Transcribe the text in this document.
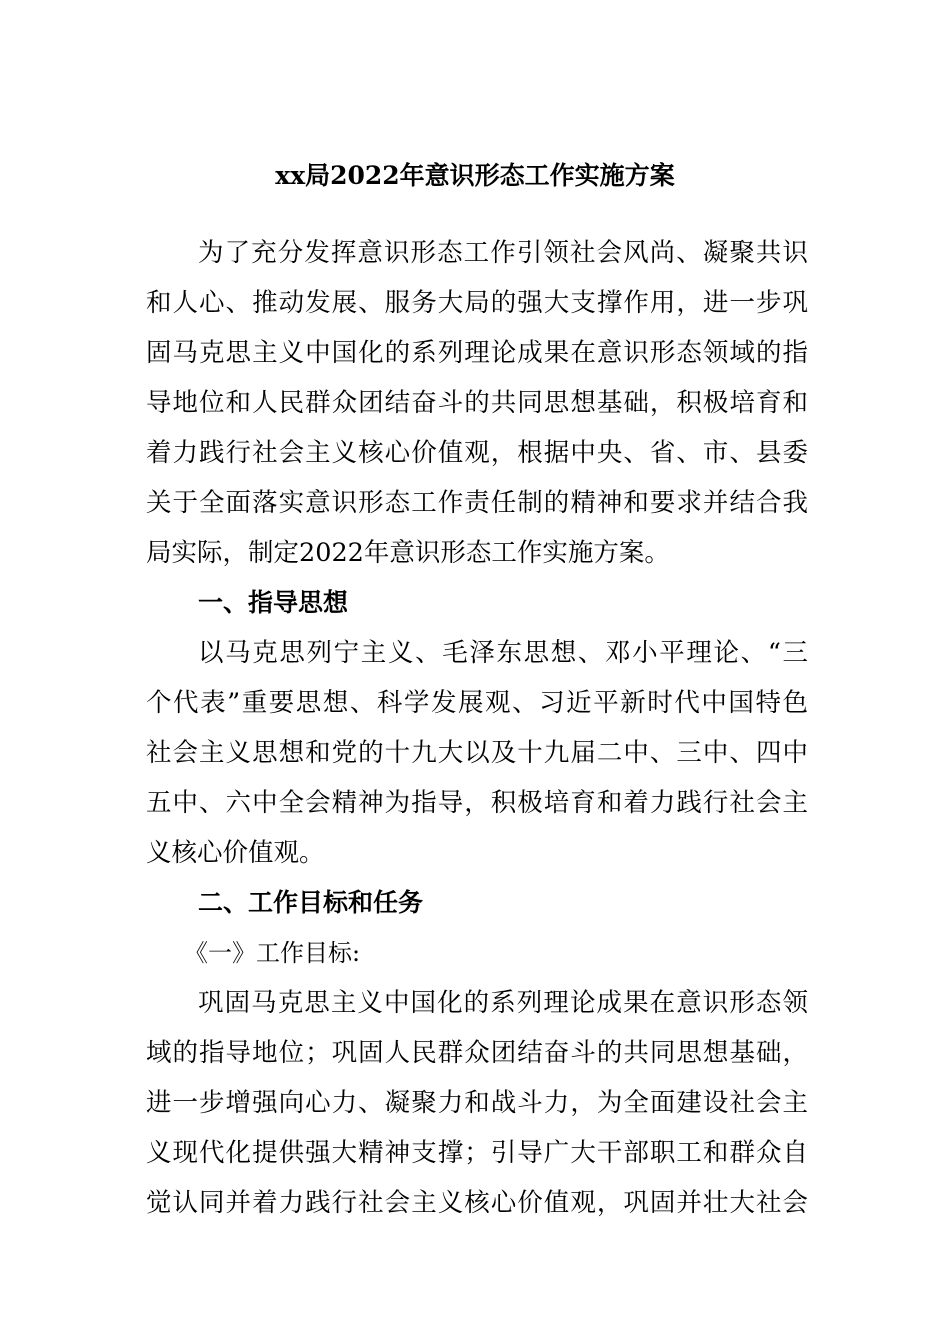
xx局2022年意识形态工作实施方案
为了充分发挥意识形态工作引领社会风尚、凝聚共识
和人心、推动发展、服务大局的强大支撑作用，进一步巩
固马克思主义中国化的系列理论成果在意识形态领域的指
导地位和人民群众团结奋斗的共同思想基础，积极培育和
着力践行社会主义核心价值观，根据中央、省、市、县委
关于全面落实意识形态工作责任制的精神和要求并结合我
局实际，制定2022年意识形态工作实施方案。
一、指导思想
以马克思列宁主义、毛泽东思想、邓小平理论、“三
个代表”重要思想、科学发展观、习近平新时代中国特色
社会主义思想和党的十九大以及十九届二中、三中、四中
五中、六中全会精神为指导，积极培育和着力践行社会主
义核心价值观。
二、工作目标和任务
《一》工作目标:
巩固马克思主义中国化的系列理论成果在意识形态领
域的指导地位；巩固人民群众团结奋斗的共同思想基础，
进一步增强向心力、凝聚力和战斗力，为全面建设社会主
义现代化提供强大精神支撑；引导广大干部职工和群众自
觉认同并着力践行社会主义核心价值观，巩固并壮大社会
